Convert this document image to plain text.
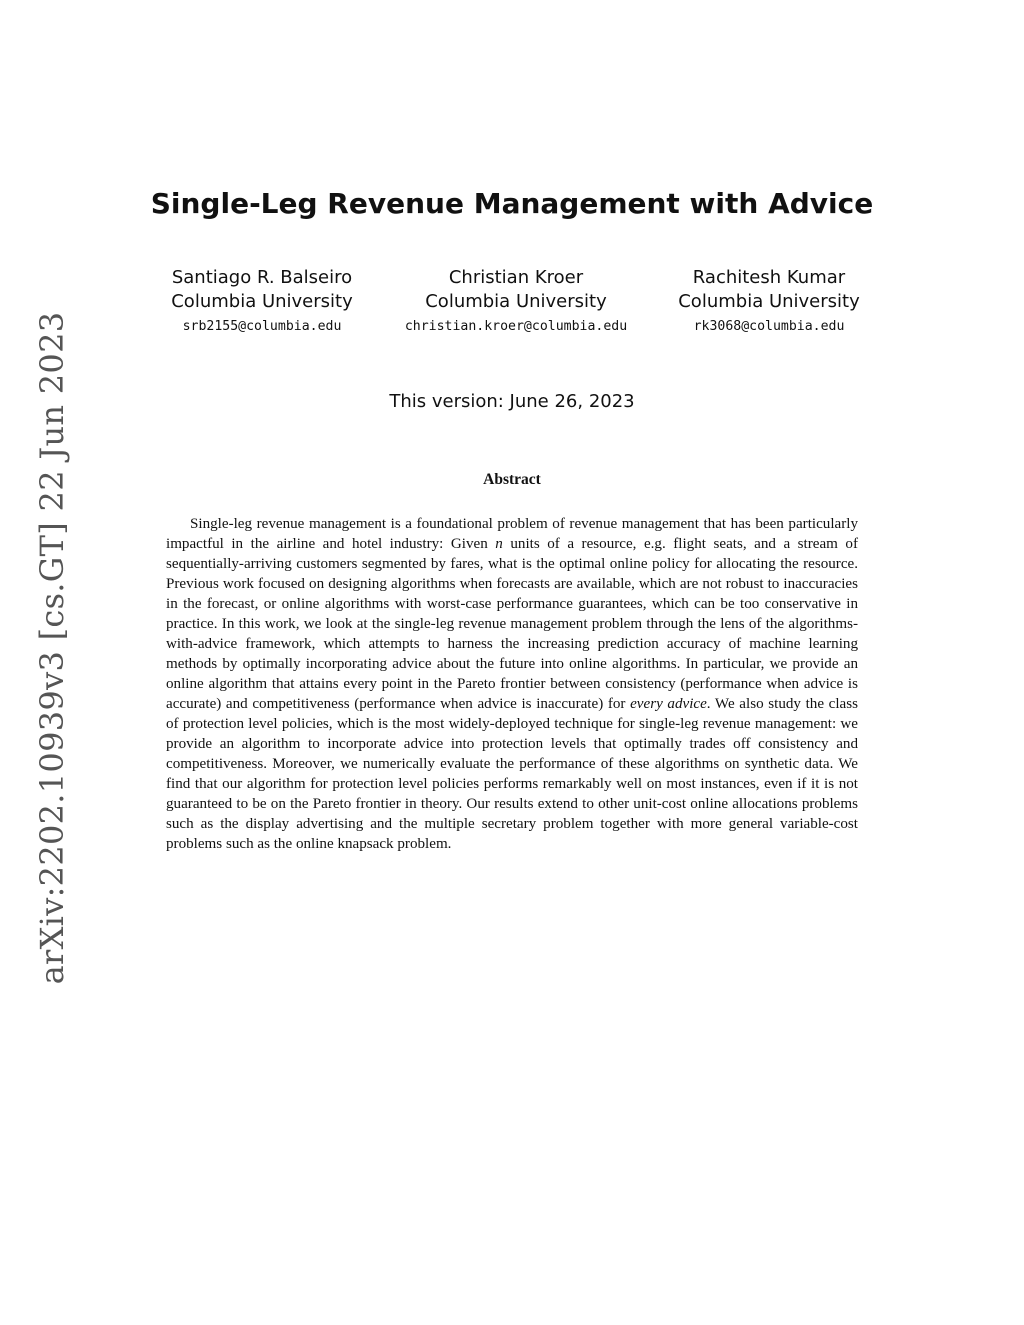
arXiv:2202.10939v3 [cs.GT] 22 Jun 2023
Single-Leg Revenue Management with Advice
Santiago R. Balseiro
Columbia University
srb2155@columbia.edu
Christian Kroer
Columbia University
christian.kroer@columbia.edu
Rachitesh Kumar
Columbia University
rk3068@columbia.edu
This version: June 26, 2023
Abstract

Single-leg revenue management is a foundational problem of revenue management that has been particularly impactful in the airline and hotel industry: Given n units of a resource, e.g. flight seats, and a stream of sequentially-arriving customers segmented by fares, what is the optimal online policy for allocating the resource. Previous work focused on designing algorithms when forecasts are available, which are not robust to inaccuracies in the forecast, or online algorithms with worst-case performance guarantees, which can be too conservative in practice. In this work, we look at the single-leg revenue management problem through the lens of the algorithms-with-advice framework, which attempts to harness the increasing prediction accuracy of machine learning methods by optimally incorporating advice about the future into online algorithms. In particular, we provide an online algorithm that attains every point in the Pareto frontier between consistency (performance when advice is accurate) and competitiveness (performance when advice is inaccurate) for every advice. We also study the class of protection level policies, which is the most widely-deployed technique for single-leg revenue management: we provide an algorithm to incorporate advice into protection levels that optimally trades off consistency and competitiveness. Moreover, we numerically evaluate the performance of these algorithms on synthetic data. We find that our algorithm for protection level policies performs remarkably well on most instances, even if it is not guaranteed to be on the Pareto frontier in theory. Our results extend to other unit-cost online allocations problems such as the display advertising and the multiple secretary problem together with more general variable-cost problems such as the online knapsack problem.
